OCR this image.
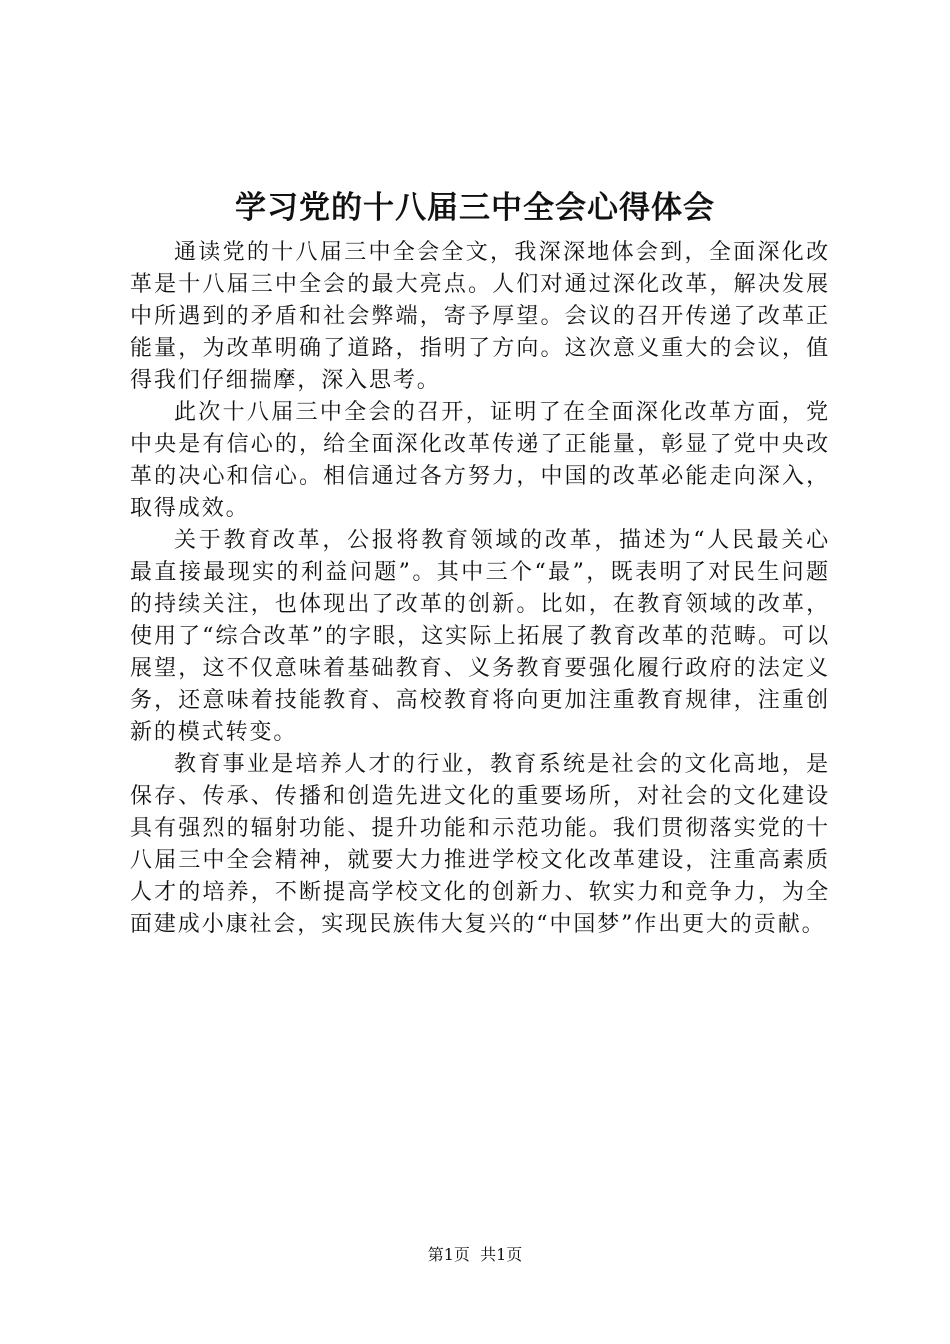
学习党的十八届三中全会心得体会

通读党的十八届三中全会全文，我深深地体会到，全面深化改革是十八届三中全会的最大亮点。人们对通过深化改革，解决发展中所遇到的矛盾和社会弊端，寄予厚望。会议的召开传递了改革正能量，为改革明确了道路，指明了方向。这次意义重大的会议，值得我们仔细揣摩，深入思考。

此次十八届三中全会的召开，证明了在全面深化改革方面，党中央是有信心的，给全面深化改革传递了正能量，彰显了党中央改革的决心和信心。相信通过各方努力，中国的改革必能走向深入，取得成效。

关于教育改革，公报将教育领域的改革，描述为“人民最关心最直接最现实的利益问题”。其中三个“最”，既表明了对民生问题的持续关注，也体现出了改革的创新。比如，在教育领域的改革，使用了“综合改革”的字眼，这实际上拓展了教育改革的范畴。可以展望，这不仅意味着基础教育、义务教育要强化履行政府的法定义务，还意味着技能教育、高校教育将向更加注重教育规律，注重创新的模式转变。

教育事业是培养人才的行业，教育系统是社会的文化高地，是保存、传承、传播和创造先进文化的重要场所，对社会的文化建设具有强烈的辐射功能、提升功能和示范功能。我们贯彻落实党的十八届三中全会精神，就要大力推进学校文化改革建设，注重高素质人才的培养，不断提高学校文化的创新力、软实力和竞争力，为全面建成小康社会，实现民族伟大复兴的“中国梦”作出更大的贡献。

第1页 共1页
